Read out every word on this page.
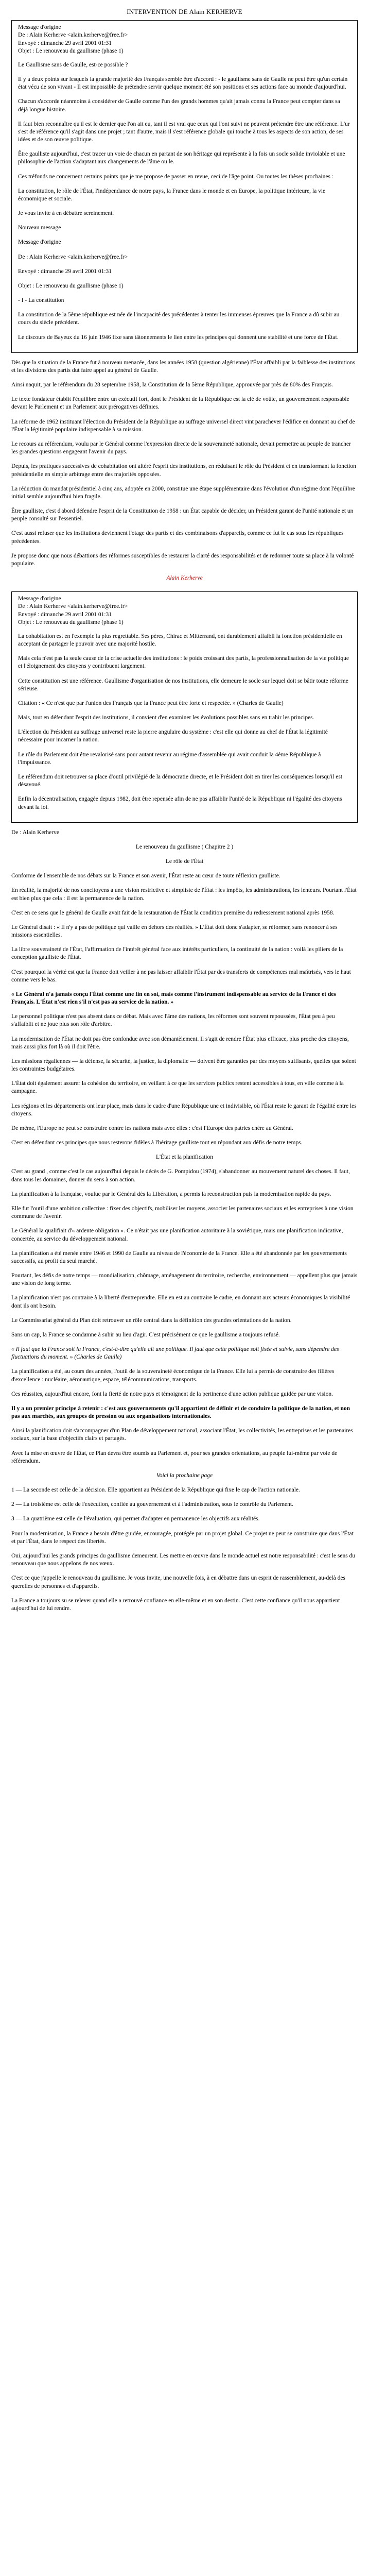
INTERVENTION DE Alain KERHERVE
Message d'origine
De : Alain Kerherve <alain.kerherve@free.fr>
Envoyé : dimanche 29 avril 2001 01:31
Objet : Le renouveau du gaullisme (phase 1)

Le Gaullisme sans de Gaulle, est-ce possible ?

Il y a deux points sur lesquels la grande majorité des Français semble être d'accord : - le gaullisme sans de Gaulle ne peut être qu'un certain état vécu de son vivant - Il est impossible de prétendre servir quelque moment été son positions et ses actions face au monde d'aujourd'hui.

Chacun s'accorde néanmoins à considérer de Gaulle comme l'un des grands hommes qu'ait jamais connu la France peut compter dans sa déjà longue histoire.

Il faut bien reconnaître qu'il est le dernier que l'on ait eu, tant il est vrai que ceux qui l'ont suivi ne peuvent prétendre être une référence. L'ur s'est de référence qu'il s'agit dans une projet ; tant d'autre, mais il s'est référence globale qui touche à tous les aspects de son action, de ses idées et de son œuvre politique.

Être gaulliste aujourd'hui, c'est tracer un voie de chacun en partant de son héritage qui représente à la fois un socle solide inviolable et une philosophie de l'action s'adaptant aux changements de l'âme ou le.

Ces tréfonds ne concernent certains points que je me propose de passer en revue, ceci de l'âge point. Ou toutes les thèses prochaines :

La constitution, le rôle de l'État, l'indépendance de notre pays, la France dans le monde et en Europe, la politique intérieure, la vie économique et sociale.

Je vous invite à en débattre sereinement.

Nouveau message

Message d'origine

De : Alain Kerherve <alain.kerherve@free.fr>

Envoyé : dimanche 29 avril 2001 01:31

Objet : Le renouveau du gaullisme (phase 1)

- I - La constitution

La constitution de la 5ème république est née de l'incapacité des précédentes à tenter les immenses épreuves que la France a dû subir au cours du siècle précédent.

Le discours de Bayeux du 16 juin 1946 fixe sans tâtonnements le lien entre les principes qui donnent une stabilité et une force de l'État.

Dès que la situation de la France fut à nouveau menacée, dans les années 1958 (question algérienne) l'État affaibli par la faiblesse des institutions et les divisions des partis dut faire appel au général de Gaulle.

Ainsi naquit, par le référendum du 28 septembre 1958, la Constitution de la 5ème République, approuvée par près de 80% des Français.

Le texte fondateur établit l'équilibre entre un exécutif fort, dont le Président de la République est la clé de voûte, un gouvernement responsable devant le Parlement et un Parlement aux prérogatives définies.

La réforme de 1962 instituant l'élection du Président de la République au suffrage universel direct vint parachever l'édifice en donnant au chef de l'État la légitimité populaire indispensable à sa mission.

Le recours au référendum, voulu par le Général comme l'expression directe de la souveraineté nationale, devait permettre au peuple de trancher les grandes questions engageant l'avenir du pays.

Depuis, les pratiques successives de cohabitation ont altéré l'esprit des institutions, en réduisant le rôle du Président et en transformant la fonction présidentielle en simple arbitrage entre des majorités opposées.

La réduction du mandat présidentiel à cinq ans, adoptée en 2000, constitue une étape supplémentaire dans l'évolution d'un régime dont l'équilibre initial semble aujourd'hui bien fragile.

Être gaulliste, c'est d'abord défendre l'esprit de la Constitution de 1958 : un État capable de décider, un Président garant de l'unité nationale et un peuple consulté sur l'essentiel.

C'est aussi refuser que les institutions deviennent l'otage des partis et des combinaisons d'appareils, comme ce fut le cas sous les républiques précédentes.

Je propose donc que nous débattions des réformes susceptibles de restaurer la clarté des responsabilités et de redonner toute sa place à la volonté populaire.

Alain Kerherve
Message d'origine
De : Alain Kerherve <alain.kerherve@free.fr>
Envoyé : dimanche 29 avril 2001 01:31
Objet : Le renouveau du gaullisme (phase 1)

La cohabitation est en l'exemple la plus regrettable. Ses pères, Chirac et Mitterrand, ont durablement affaibli la fonction présidentielle en acceptant de partager le pouvoir avec une majorité hostile.

Mais cela n'est pas la seule cause de la crise actuelle des institutions : le poids croissant des partis, la professionnalisation de la vie politique et l'éloignement des citoyens y contribuent largement.

Cette constitution est une référence. Gaullisme d'organisation de nos institutions, elle demeure le socle sur lequel doit se bâtir toute réforme sérieuse.

Citation : « Ce n'est que par l'union des Français que la France peut être forte et respectée. » (Charles de Gaulle)

Mais, tout en défendant l'esprit des institutions, il convient d'en examiner les évolutions possibles sans en trahir les principes.

L'élection du Président au suffrage universel reste la pierre angulaire du système : c'est elle qui donne au chef de l'État la légitimité nécessaire pour incarner la nation.

Le rôle du Parlement doit être revalorisé sans pour autant revenir au régime d'assemblée qui avait conduit la 4ème République à l'impuissance.

Le référendum doit retrouver sa place d'outil privilégié de la démocratie directe, et le Président doit en tirer les conséquences lorsqu'il est désavoué.

Enfin la décentralisation, engagée depuis 1982, doit être repensée afin de ne pas affaiblir l'unité de la République ni l'égalité des citoyens devant la loi.

De : Alain Kerherve

Le renouveau du gaullisme ( Chapitre 2 )

Le rôle de l'État

Conforme de l'ensemble de nos débats sur la France et son avenir, l'État reste au cœur de toute réflexion gaulliste.

En réalité, la majorité de nos concitoyens a une vision restrictive et simpliste de l'État : les impôts, les administrations, les lenteurs. Pourtant l'État est bien plus que cela : il est la permanence de la nation.

C'est en ce sens que le général de Gaulle avait fait de la restauration de l'État la condition première du redressement national après 1958.

Le Général disait : « Il n'y a pas de politique qui vaille en dehors des réalités. » L'État doit donc s'adapter, se réformer, sans renoncer à ses missions essentielles.

La libre souveraineté de l'État, l'affirmation de l'intérêt général face aux intérêts particuliers, la continuité de la nation : voilà les piliers de la conception gaulliste de l'État.

C'est pourquoi la vérité est que la France doit veiller à ne pas laisser affaiblir l'État par des transferts de compétences mal maîtrisés, vers le haut comme vers le bas.

« Le Général n'a jamais conçu l'État comme une fin en soi, mais comme l'instrument indispensable au service de la France et des Français. L'État n'est rien s'il n'est pas au service de la nation. »

Le personnel politique n'est pas absent dans ce débat. Mais avec l'âme des nations, les réformes sont souvent repoussées, l'État peu à peu s'affaiblit et ne joue plus son rôle d'arbitre.

La modernisation de l'État ne doit pas être confondue avec son démantèlement. Il s'agit de rendre l'État plus efficace, plus proche des citoyens, mais aussi plus fort là où il doit l'être.

Les missions régaliennes — la défense, la sécurité, la justice, la diplomatie — doivent être garanties par des moyens suffisants, quelles que soient les contraintes budgétaires.

L'État doit également assurer la cohésion du territoire, en veillant à ce que les services publics restent accessibles à tous, en ville comme à la campagne.

Les régions et les départements ont leur place, mais dans le cadre d'une République une et indivisible, où l'État reste le garant de l'égalité entre les citoyens.

De même, l'Europe ne peut se construire contre les nations mais avec elles : c'est l'Europe des patries chère au Général.

C'est en défendant ces principes que nous resterons fidèles à l'héritage gaulliste tout en répondant aux défis de notre temps.

L'État et la planification

C'est au grand , comme c'est le cas aujourd'hui depuis le décès de G. Pompidou (1974), s'abandonner au mouvement naturel des choses. Il faut, dans tous les domaines, donner du sens à son action.

La planification à la française, voulue par le Général dès la Libération, a permis la reconstruction puis la modernisation rapide du pays.

Elle fut l'outil d'une ambition collective : fixer des objectifs, mobiliser les moyens, associer les partenaires sociaux et les entreprises à une vision commune de l'avenir.

Le Général la qualifiait d'« ardente obligation ». Ce n'était pas une planification autoritaire à la soviétique, mais une planification indicative, concertée, au service du développement national.

La planification a été menée entre 1946 et 1990 de Gaulle au niveau de l'économie de la France. Elle a été abandonnée par les gouvernements successifs, au profit du seul marché.

Pourtant, les défis de notre temps — mondialisation, chômage, aménagement du territoire, recherche, environnement — appellent plus que jamais une vision de long terme.

La planification n'est pas contraire à la liberté d'entreprendre. Elle en est au contraire le cadre, en donnant aux acteurs économiques la visibilité dont ils ont besoin.

Le Commissariat général du Plan doit retrouver un rôle central dans la définition des grandes orientations de la nation.

Sans un cap, la France se condamne à subir au lieu d'agir. C'est précisément ce que le gaullisme a toujours refusé.

« Il faut que la France soit la France, c'est-à-dire qu'elle ait une politique. Il faut que cette politique soit fixée et suivie, sans dépendre des fluctuations du moment. » (Charles de Gaulle)

La planification a été, au cours des années, l'outil de la souveraineté économique de la France. Elle lui a permis de construire des filières d'excellence : nucléaire, aéronautique, espace, télécommunications, transports.

Ces réussites, aujourd'hui encore, font la fierté de notre pays et témoignent de la pertinence d'une action publique guidée par une vision.

Il y a un premier principe à retenir : c'est aux gouvernements qu'il appartient de définir et de conduire la politique de la nation, et non pas aux marchés, aux groupes de pression ou aux organisations internationales.

Ainsi la planification doit s'accompagner d'un Plan de développement national, associant l'État, les collectivités, les entreprises et les partenaires sociaux, sur la base d'objectifs clairs et partagés.

Avec la mise en œuvre de l'État, ce Plan devra être soumis au Parlement et, pour ses grandes orientations, au peuple lui-même par voie de référendum.

Voici la prochaine page

1 — La seconde est celle de la décision. Elle appartient au Président de la République qui fixe le cap de l'action nationale.

2 — La troisième est celle de l'exécution, confiée au gouvernement et à l'administration, sous le contrôle du Parlement.

3 — La quatrième est celle de l'évaluation, qui permet d'adapter en permanence les objectifs aux réalités.

Pour la modernisation, la France a besoin d'être guidée, encouragée, protégée par un projet global. Ce projet ne peut se construire que dans l'État et par l'État, dans le respect des libertés.

Oui, aujourd'hui les grands principes du gaullisme demeurent. Les mettre en œuvre dans le monde actuel est notre responsabilité : c'est le sens du renouveau que nous appelons de nos vœux.

C'est ce que j'appelle le renouveau du gaullisme. Je vous invite, une nouvelle fois, à en débattre dans un esprit de rassemblement, au-delà des querelles de personnes et d'appareils.

La France a toujours su se relever quand elle a retrouvé confiance en elle-même et en son destin. C'est cette confiance qu'il nous appartient aujourd'hui de lui rendre.
